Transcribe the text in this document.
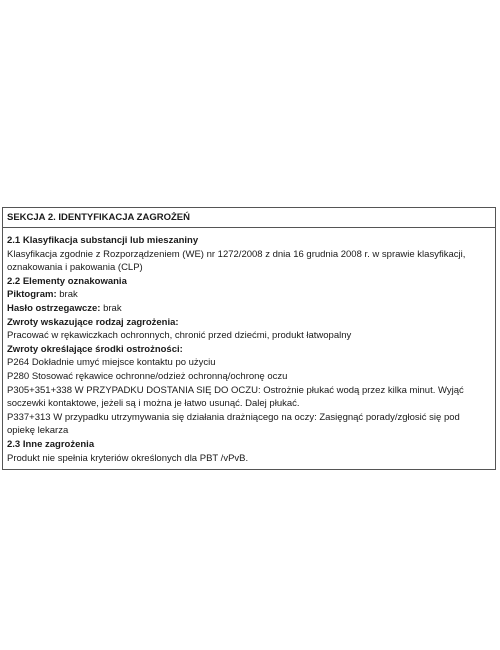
SEKCJA 2. IDENTYFIKACJA ZAGROŻEŃ
2.1 Klasyfikacja substancji lub mieszaniny
Klasyfikacja zgodnie z Rozporządzeniem (WE) nr 1272/2008 z dnia 16 grudnia 2008 r. w sprawie klasyfikacji, oznakowania i pakowania (CLP)
2.2 Elementy oznakowania
Piktogram: brak
Hasło ostrzegawcze: brak
Zwroty wskazujące rodzaj zagrożenia:
Pracować w rękawiczkach ochronnych, chronić przed dziećmi, produkt łatwopalny
Zwroty określające środki ostrożności:
P264 Dokładnie umyć miejsce kontaktu po użyciu
P280 Stosować rękawice ochronne/odzież ochronną/ochronę oczu
P305+351+338 W PRZYPADKU DOSTANIA SIĘ DO OCZU: Ostrożnie płukać wodą przez kilka minut. Wyjąć soczewki kontaktowe, jeżeli są i można je łatwo usunąć. Dalej płukać.
P337+313 W przypadku utrzymywania się działania drażniącego na oczy: Zasięgnąć porady/zgłosić się pod opiekę lekarza
2.3 Inne zagrożenia
Produkt nie spełnia kryteriów określonych dla PBT /vPvB.
